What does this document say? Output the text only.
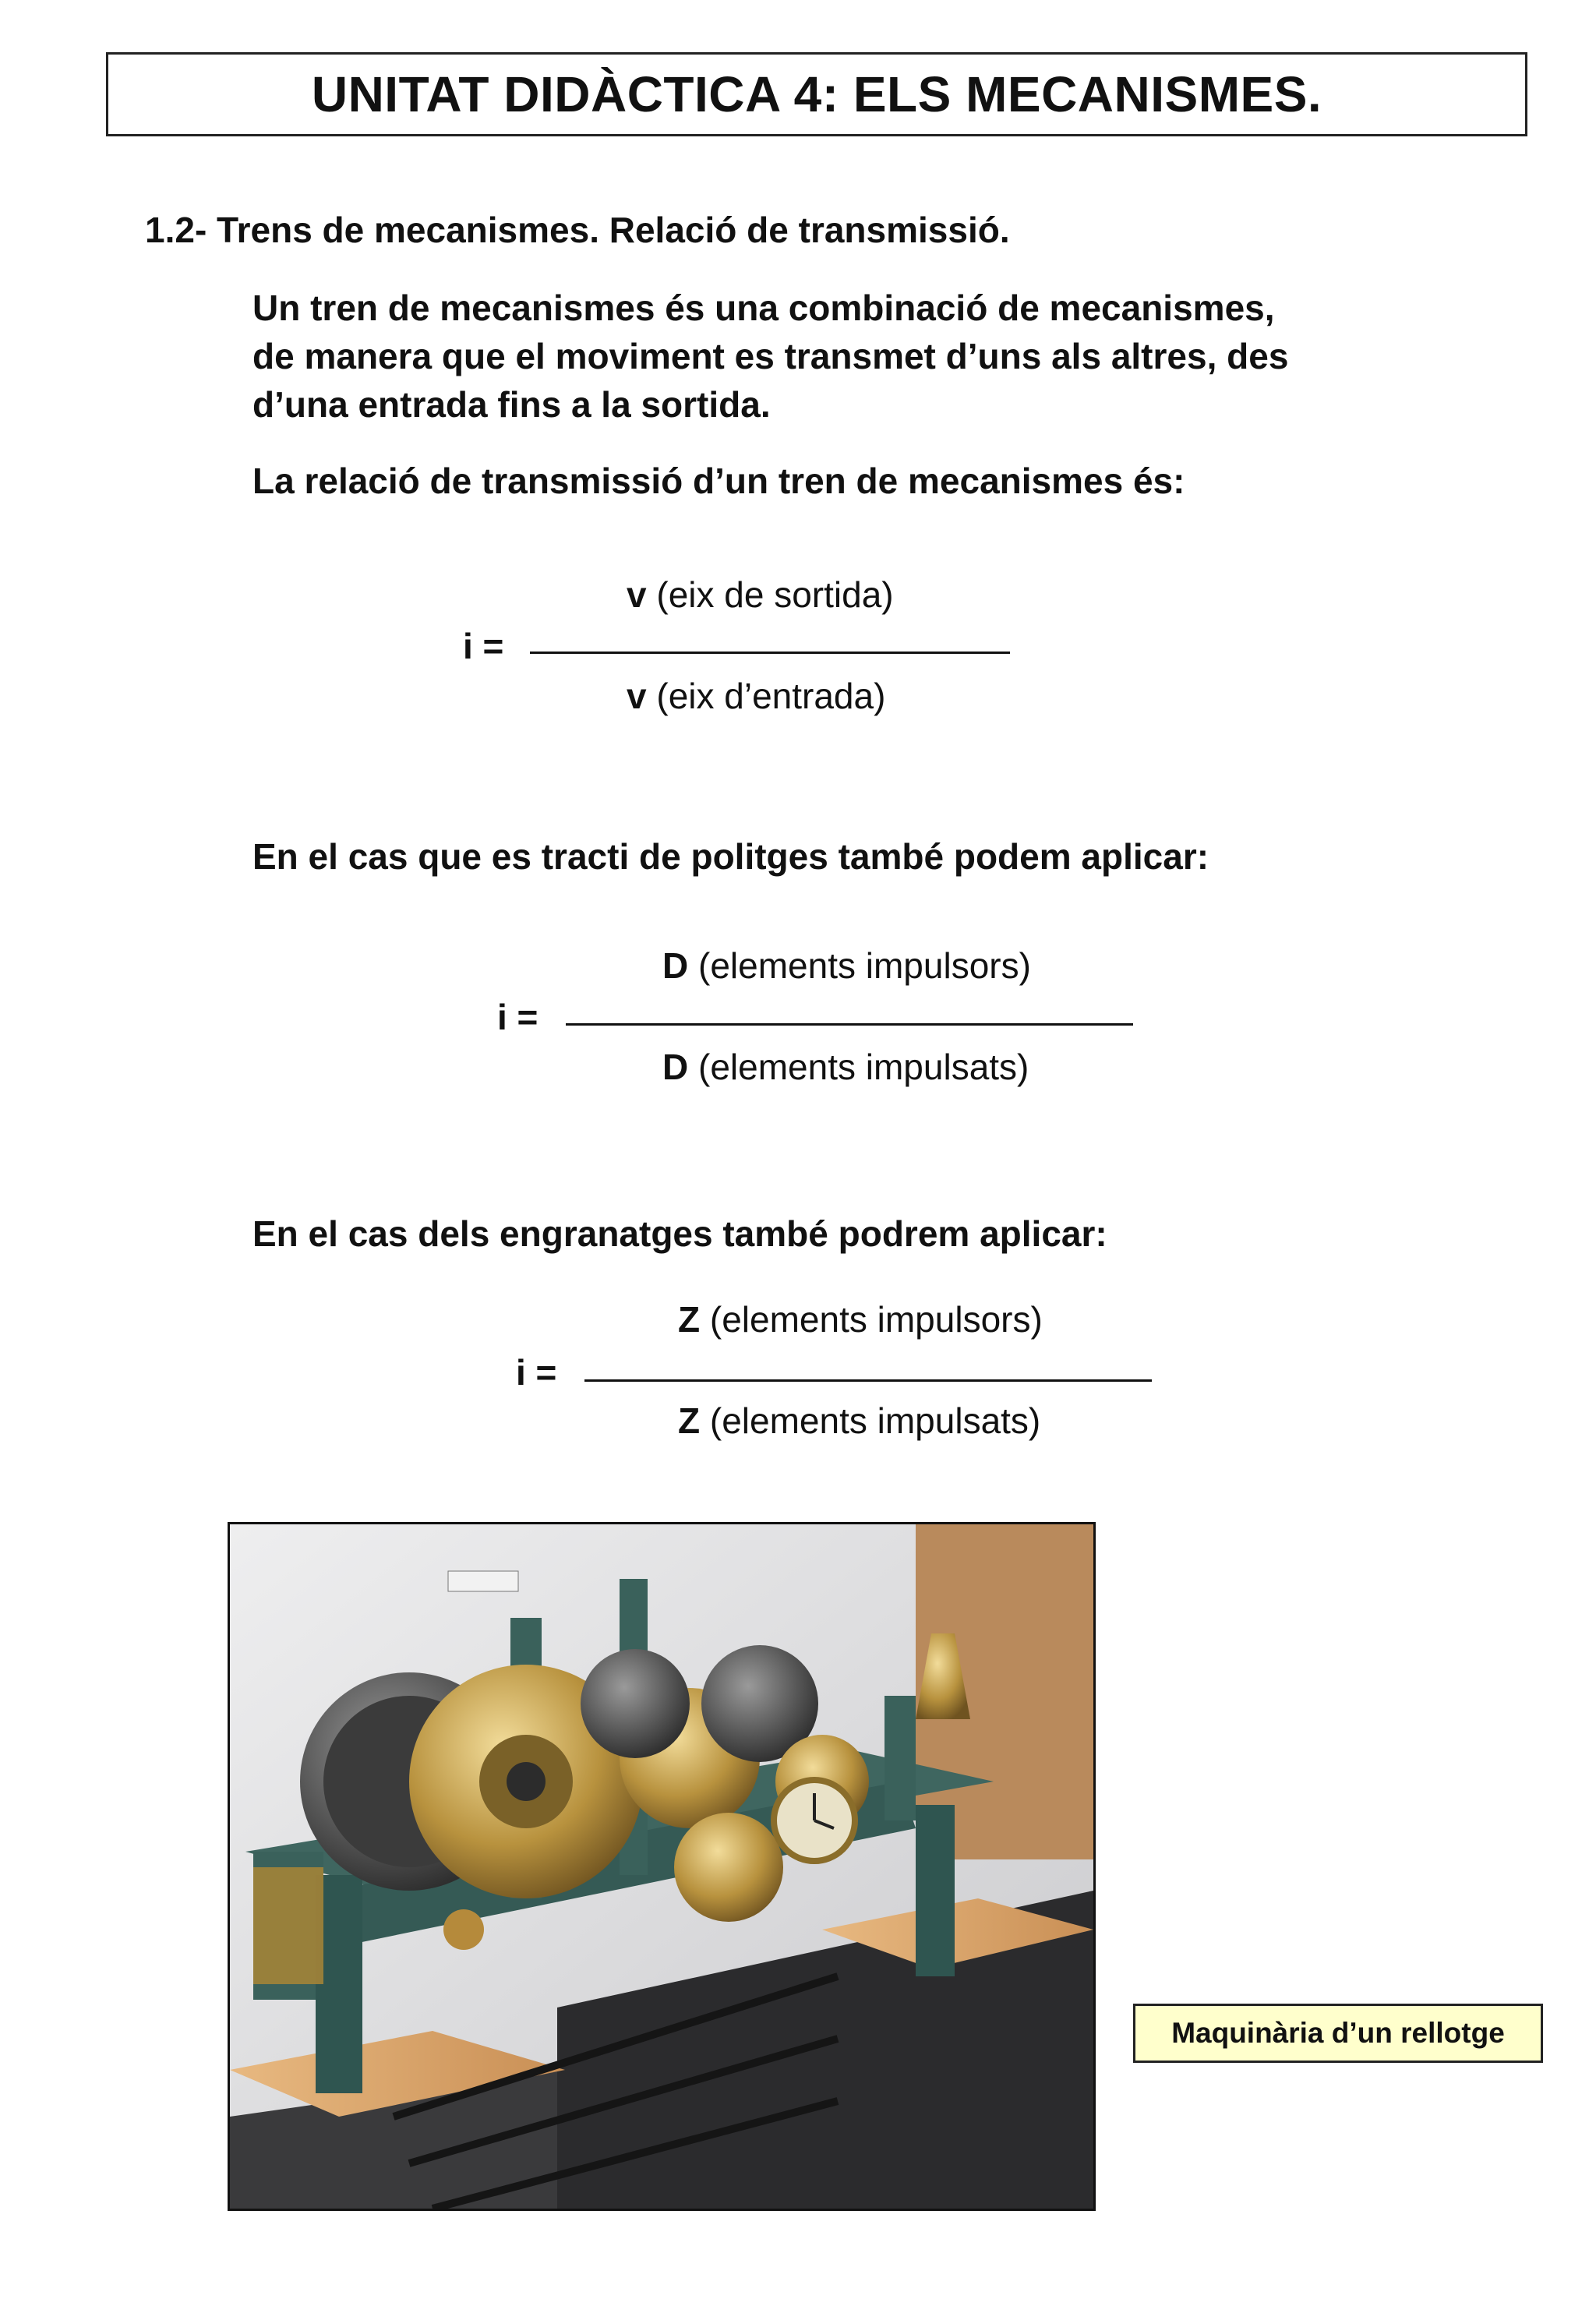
UNITAT DIDÀCTICA 4: ELS MECANISMES.
1.2- Trens de mecanismes. Relació de transmissió.
Un tren de mecanismes és una combinació de mecanismes,
de manera que el moviment es transmet d’uns als altres, des
d’una entrada fins a la sortida.
La relació de transmissió d’un tren de mecanismes és:
v (eix de sortida)
i =
v (eix d’entrada)
En el cas que es tracti de politges també podem aplicar:
D (elements impulsors)
i =
D (elements impulsats)
En el cas dels engranatges també podrem aplicar:
Z (elements impulsors)
i =
Z (elements impulsats)
Maquinària d’un rellotge
